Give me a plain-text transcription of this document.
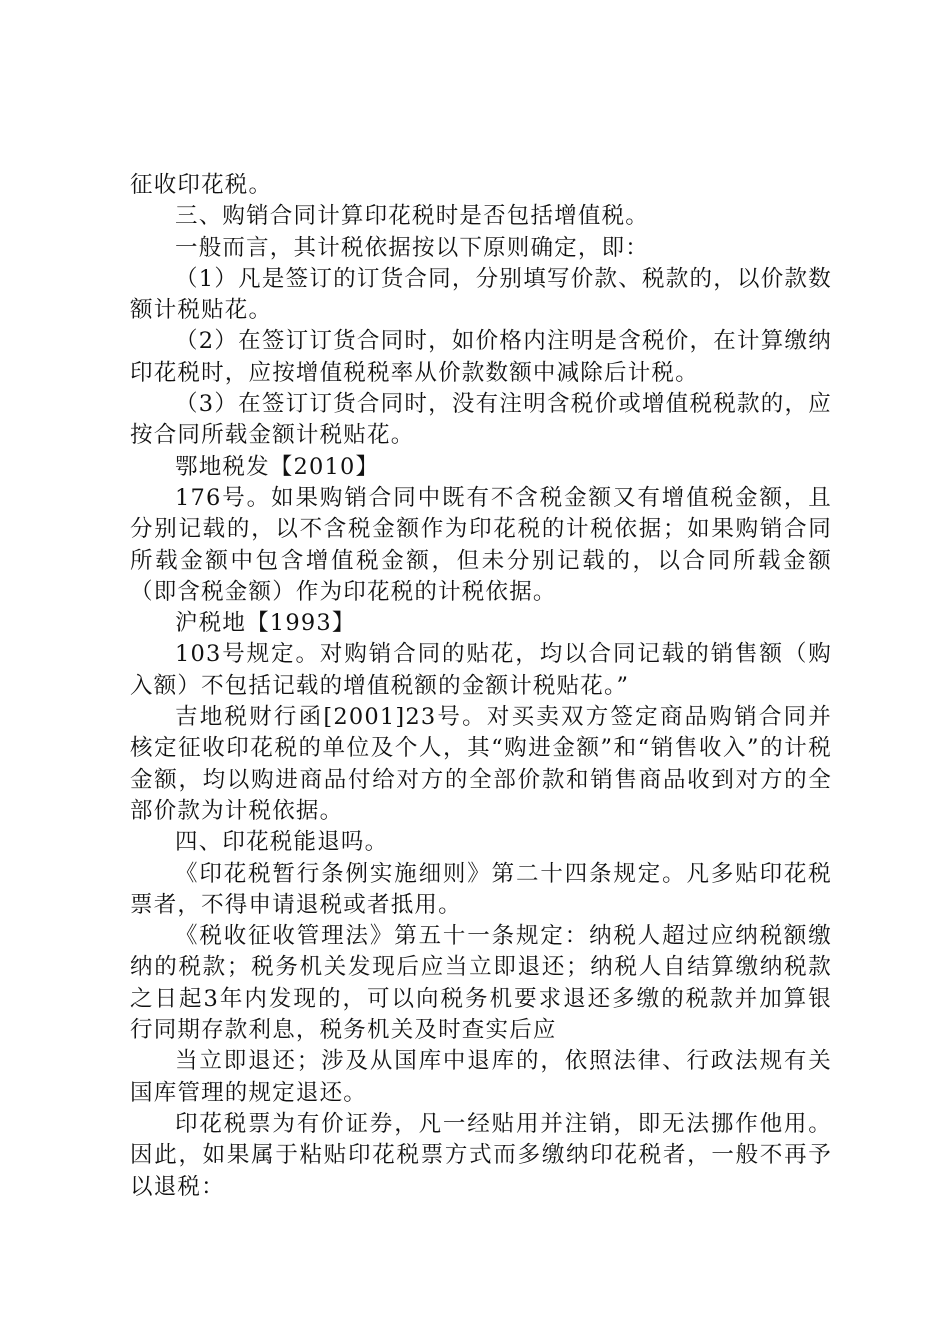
征收印花税。

三、购销合同计算印花税时是否包括增值税。

一般而言，其计税依据按以下原则确定，即：

（1）凡是签订的订货合同，分别填写价款、税款的，以价款数额计税贴花。

（2）在签订订货合同时，如价格内注明是含税价，在计算缴纳印花税时，应按增值税税率从价款数额中减除后计税。

（3）在签订订货合同时，没有注明含税价或增值税税款的，应按合同所载金额计税贴花。

鄂地税发【2010】

176号。如果购销合同中既有不含税金额又有增值税金额，且分别记载的，以不含税金额作为印花税的计税依据；如果购销合同所载金额中包含增值税金额，但未分别记载的，以合同所载金额（即含税金额）作为印花税的计税依据。

沪税地【1993】

103号规定。对购销合同的贴花，均以合同记载的销售额（购入额）不包括记载的增值税额的金额计税贴花。”

吉地税财行函[2001]23号。对买卖双方签定商品购销合同并核定征收印花税的单位及个人，其“购进金额”和“销售收入”的计税金额，均以购进商品付给对方的全部价款和销售商品收到对方的全部价款为计税依据。

四、印花税能退吗。

《印花税暂行条例实施细则》第二十四条规定。凡多贴印花税票者，不得申请退税或者抵用。

《税收征收管理法》第五十一条规定：纳税人超过应纳税额缴纳的税款；税务机关发现后应当立即退还；纳税人自结算缴纳税款之日起3年内发现的，可以向税务机要求退还多缴的税款并加算银行同期存款利息，税务机关及时查实后应

当立即退还；涉及从国库中退库的，依照法律、行政法规有关国库管理的规定退还。

印花税票为有价证券，凡一经贴用并注销，即无法挪作他用。因此，如果属于粘贴印花税票方式而多缴纳印花税者，一般不再予以退税：
